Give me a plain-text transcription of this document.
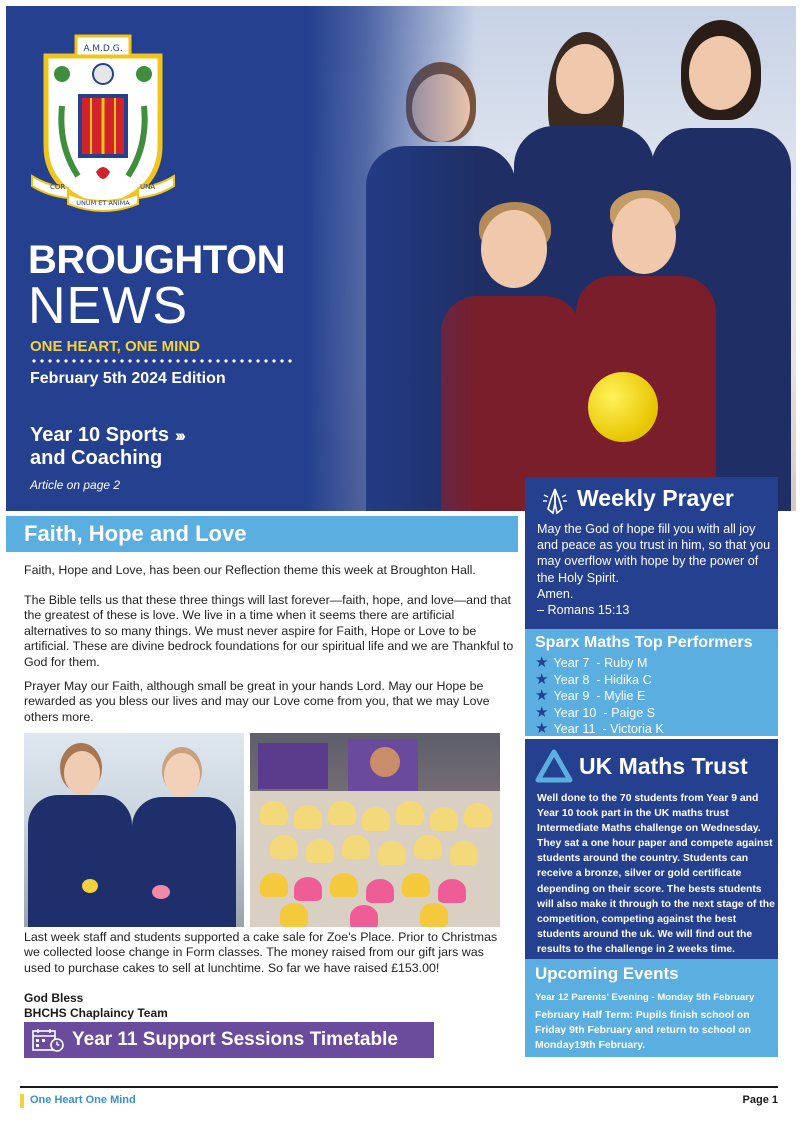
A.M.D.G.
COR	UNA
UNUM ET ANIMA
BROUGHTON
NEWS
ONE HEART, ONE MIND
February 5th 2024 Edition
Year 10 Sports ›››
and Coaching
Article on page 2
Faith, Hope and Love

Faith, Hope and Love, has been our Reflection theme this week at Broughton Hall.

The Bible tells us that these three things will last forever—faith, hope, and love—and that the greatest of these is love. We live in a time when it seems there are artificial alternatives to so many things. We must never aspire for Faith, Hope or Love to be artificial. These are divine bedrock foundations for our spiritual life and we are Thankful to God for them.

Prayer May our Faith, although small be great in your hands Lord. May our Hope be rewarded as you bless our lives and may our Love come from you, that we may Love others more.

Last week staff and students supported a cake sale for Zoe's Place. Prior to Christmas we collected loose change in Form classes. The money raised from our gift jars was used to purchase cakes to sell at lunchtime. So far we have raised £153.00!

God Bless
BHCHS Chaplaincy Team
Year 11 Support Sessions Timetable
Weekly Prayer
May the God of hope fill you with all joy and peace as you trust in him, so that you may overflow with hope by the power of the Holy Spirit.
Amen.
– Romans 15:13
Sparx Maths Top Performers
★ Year 7  - Ruby M
★ Year 8  - Hidika C
★ Year 9  - Mylie E
★ Year 10  - Paige S
★ Year 11  - Victoria K
UK Maths Trust
Well done to the 70 students from Year 9 and Year 10 took part in the UK maths trust Intermediate Maths challenge on Wednesday. They sat a one hour paper and compete against students around the country. Students can receive a bronze, silver or gold certificate depending on their score. The bests students will also make it through to the next stage of the competition, competing against the best students around the uk. We will find out the results to the challenge in 2 weeks time.
Upcoming Events
Year 12 Parents' Evening - Monday 5th February
February Half Term: Pupils finish school on Friday 9th February and return to school on Monday19th February.
One Heart One Mind	Page 1
